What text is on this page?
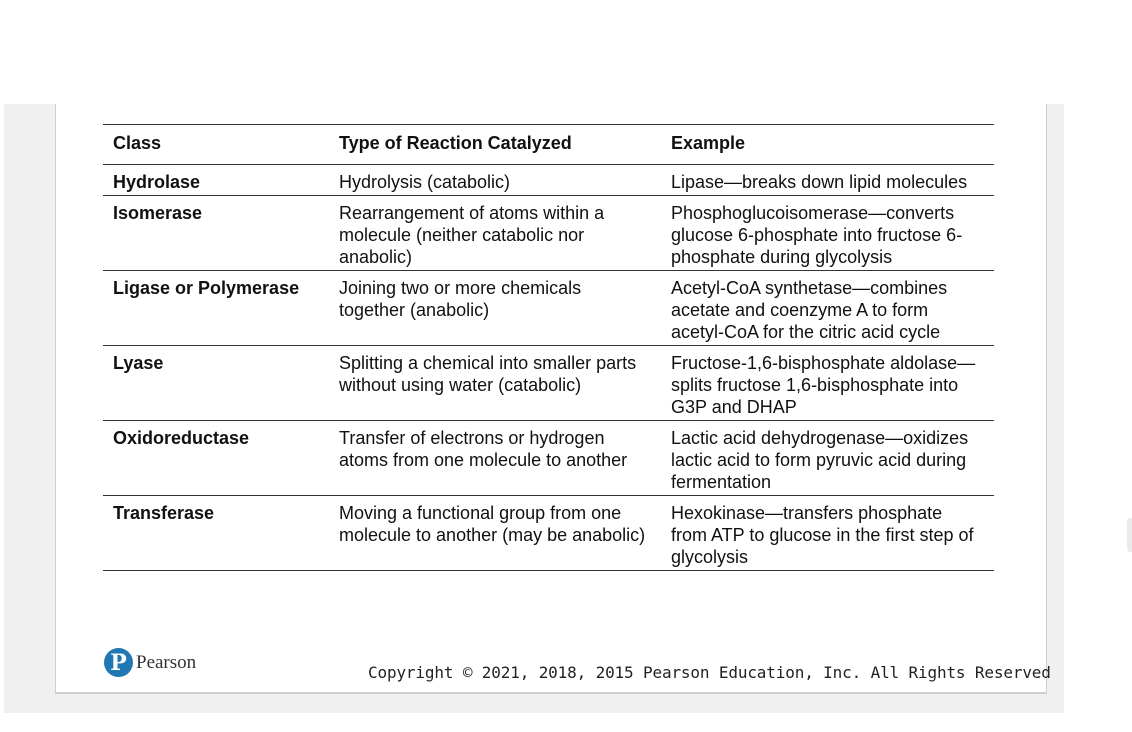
Class	Type of Reaction Catalyzed	Example
Hydrolase	Hydrolysis (catabolic)	Lipase—breaks down lipid molecules
Isomerase	Rearrangement of atoms within a molecule (neither catabolic nor anabolic)	Phosphoglucoisomerase—converts glucose 6-phosphate into fructose 6-phosphate during glycolysis
Ligase or Polymerase	Joining two or more chemicals together (anabolic)	Acetyl-CoA synthetase—combines acetate and coenzyme A to form acetyl-CoA for the citric acid cycle
Lyase	Splitting a chemical into smaller parts without using water (catabolic)	Fructose-1,6-bisphosphate aldolase—splits fructose 1,6-bisphosphate into G3P and DHAP
Oxidoreductase	Transfer of electrons or hydrogen atoms from one molecule to another	Lactic acid dehydrogenase—oxidizes lactic acid to form pyruvic acid during fermentation
Transferase	Moving a functional group from one molecule to another (may be anabolic)	Hexokinase—transfers phosphate from ATP to glucose in the first step of glycolysis
P Pearson	Copyright © 2021, 2018, 2015 Pearson Education, Inc. All Rights Reserved
